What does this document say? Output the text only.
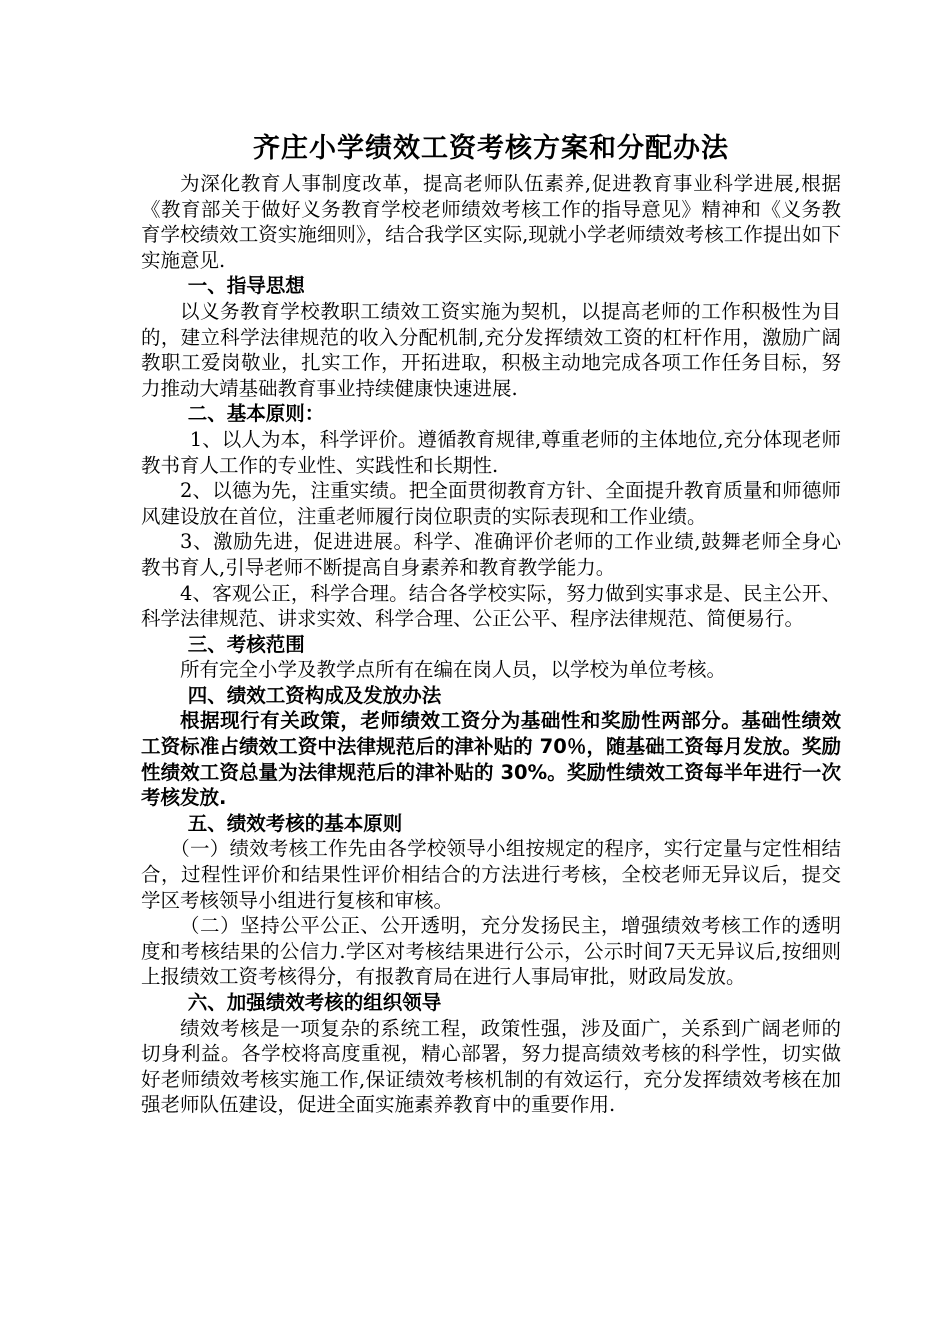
齐庄小学绩效工资考核方案和分配办法

为深化教育人事制度改革，提高老师队伍素养,促进教育事业科学进展,根据《教育部关于做好义务教育学校老师绩效考核工作的指导意见》精神和《义务教育学校绩效工资实施细则》，结合我学区实际,现就小学老师绩效考核工作提出如下实施意见.

一、指导思想

以义务教育学校教职工绩效工资实施为契机，以提高老师的工作积极性为目的，建立科学法律规范的收入分配机制,充分发挥绩效工资的杠杆作用，激励广阔教职工爱岗敬业，扎实工作，开拓进取，积极主动地完成各项工作任务目标，努力推动大靖基础教育事业持续健康快速进展.

二、基本原则：

1、以人为本，科学评价。遵循教育规律,尊重老师的主体地位,充分体现老师教书育人工作的专业性、实践性和长期性.

2、以德为先，注重实绩。把全面贯彻教育方针、全面提升教育质量和师德师风建设放在首位，注重老师履行岗位职责的实际表现和工作业绩。

3、激励先进，促进进展。科学、准确评价老师的工作业绩,鼓舞老师全身心教书育人,引导老师不断提高自身素养和教育教学能力。

4、客观公正，科学合理。结合各学校实际，努力做到实事求是、民主公开、科学法律规范、讲求实效、科学合理、公正公平、程序法律规范、简便易行。

三、考核范围

所有完全小学及教学点所有在编在岗人员，以学校为单位考核。

四、绩效工资构成及发放办法

根据现行有关政策，老师绩效工资分为基础性和奖励性两部分。基础性绩效工资标准占绩效工资中法律规范后的津补贴的 70％，随基础工资每月发放。奖励性绩效工资总量为法律规范后的津补贴的 30%。奖励性绩效工资每半年进行一次考核发放.

五、绩效考核的基本原则

（一）绩效考核工作先由各学校领导小组按规定的程序，实行定量与定性相结合，过程性评价和结果性评价相结合的方法进行考核，全校老师无异议后，提交学区考核领导小组进行复核和审核。

（二）坚持公平公正、公开透明，充分发扬民主，增强绩效考核工作的透明度和考核结果的公信力.学区对考核结果进行公示，公示时间7天无异议后,按细则上报绩效工资考核得分，有报教育局在进行人事局审批，财政局发放。

六、加强绩效考核的组织领导

绩效考核是一项复杂的系统工程，政策性强，涉及面广，关系到广阔老师的切身利益。各学校将高度重视，精心部署，努力提高绩效考核的科学性，切实做好老师绩效考核实施工作,保证绩效考核机制的有效运行，充分发挥绩效考核在加强老师队伍建设，促进全面实施素养教育中的重要作用.
